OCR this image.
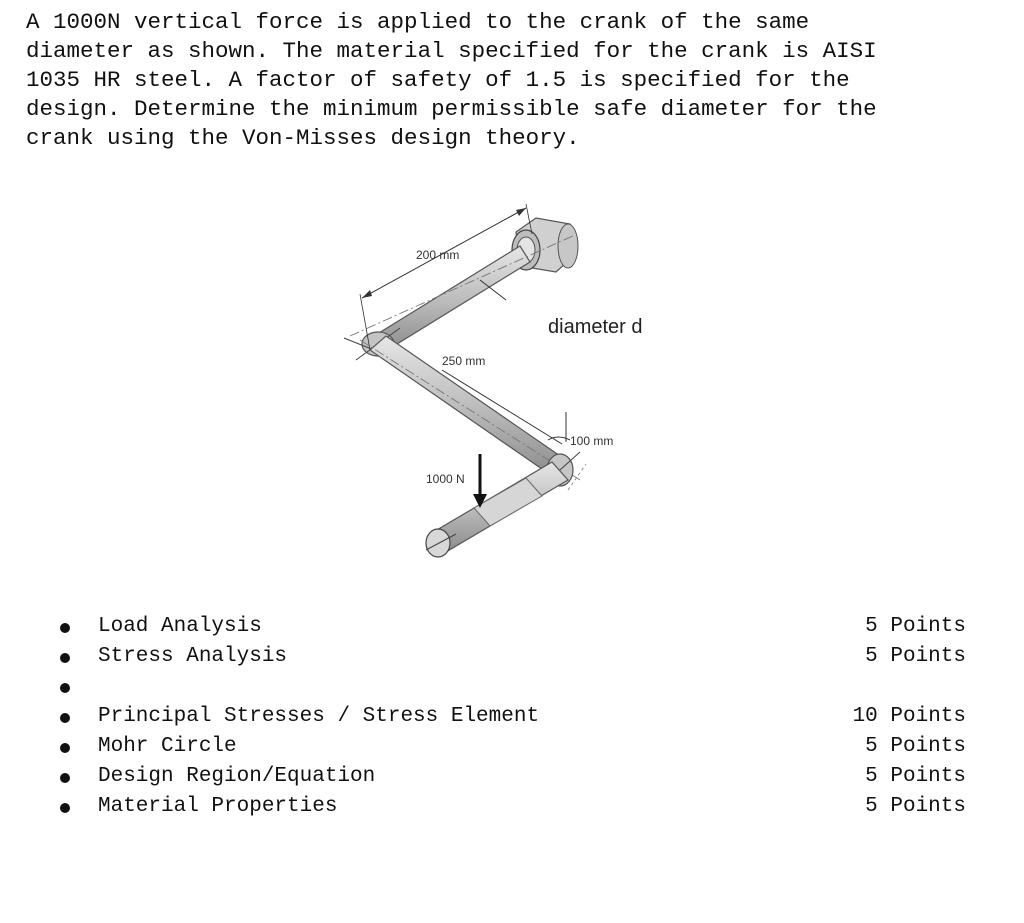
A 1000N vertical force is applied to the crank of the same
diameter as shown. The material specified for the crank is AISI
1035 HR steel. A factor of safety of 1.5 is specified for the
design. Determine the minimum permissible safe diameter for the
crank using the Von-Misses design theory.
200 mm
250 mm
diameter d
100 mm
1000 N
Load Analysis	5 Points
Stress Analysis	5 Points
Principal Stresses / Stress Element	10 Points
Mohr Circle	5 Points
Design Region/Equation	5 Points
Material Properties	5 Points
